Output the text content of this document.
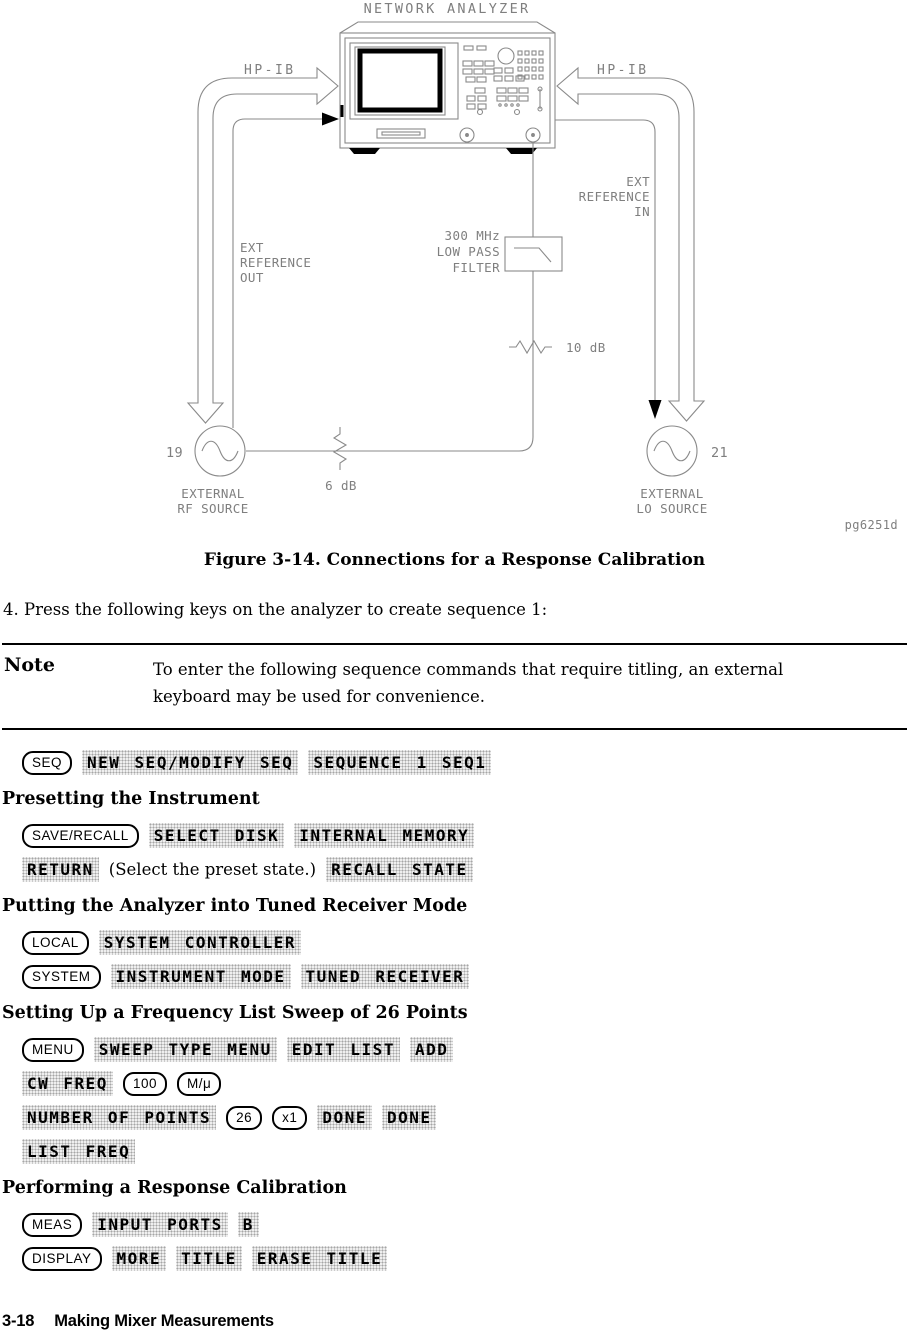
NETWORK ANALYZER
HP-IB	HP-IB
EXT
REFERENCE
IN
EXT
REFERENCE
OUT
300 MHz
LOW PASS
FILTER
10 dB
6 dB
19	21
EXTERNAL
RF SOURCE
EXTERNAL
LO SOURCE
pg6251d
Figure 3-14. Connections for a Response Calibration
4. Press the following keys on the analyzer to create sequence 1:
Note	To enter the following sequence commands that require titling, an external
keyboard may be used for convenience.
SEQ	NEW SEQ/MODIFY SEQ	SEQUENCE 1 SEQ1
Presetting the Instrument
SAVE/RECALL	SELECT DISK	INTERNAL MEMORY
RETURN (Select the preset state.) RECALL STATE
Putting the Analyzer into Tuned Receiver Mode
LOCAL	SYSTEM CONTROLLER
SYSTEM	INSTRUMENT MODE	TUNED RECEIVER
Setting Up a Frequency List Sweep of 26 Points
MENU	SWEEP TYPE MENU	EDIT LIST	ADD
CW FREQ	100	M/μ
NUMBER OF POINTS	26	x1	DONE	DONE
LIST FREQ
Performing a Response Calibration
MEAS	INPUT PORTS	B
DISPLAY	MORE	TITLE	ERASE TITLE
3-18 Making Mixer Measurements
